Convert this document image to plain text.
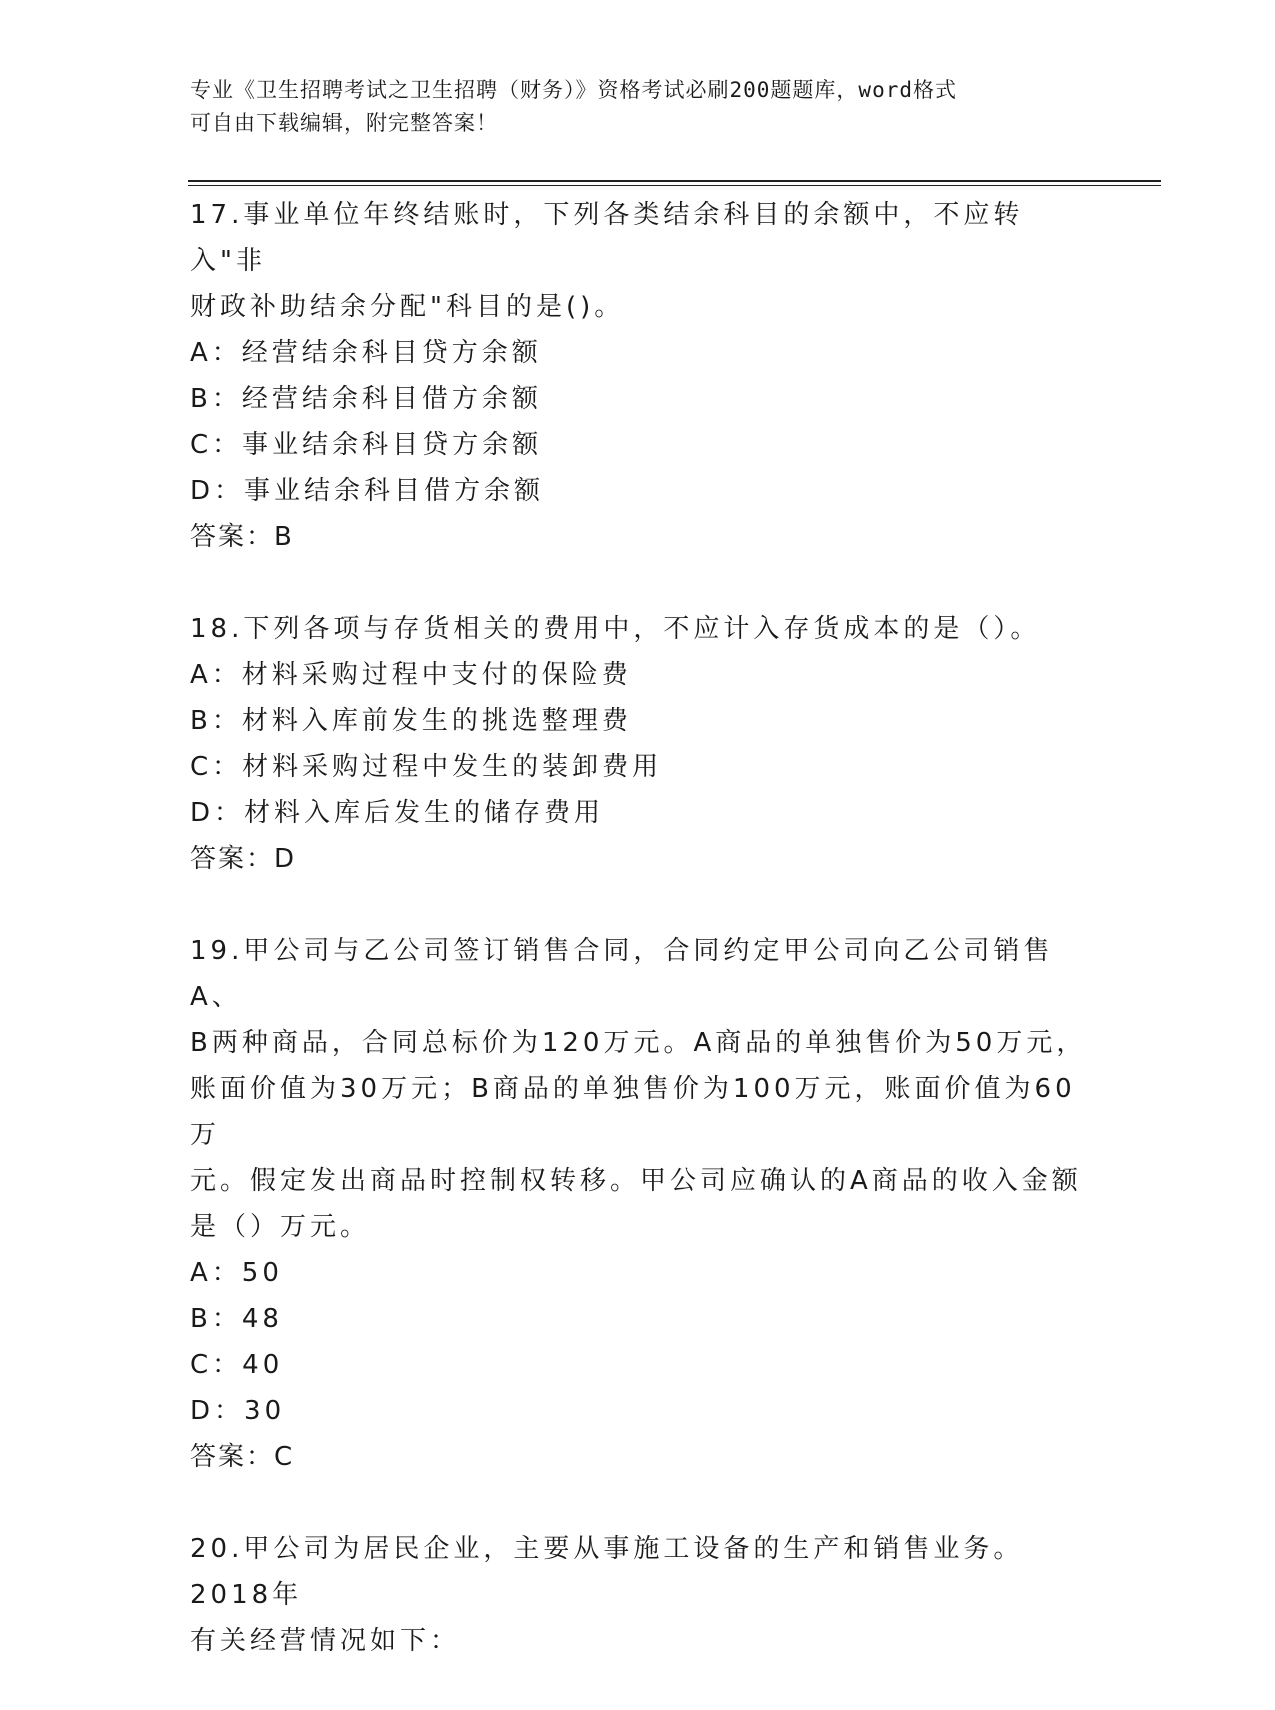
专业《卫生招聘考试之卫生招聘（财务）》资格考试必刷200题题库，word格式
可自由下载编辑，附完整答案！

17.事业单位年终结账时，下列各类结余科目的余额中，不应转入"非

财政补助结余分配"科目的是()。

A：经营结余科目贷方余额

B：经营结余科目借方余额

C：事业结余科目贷方余额

D：事业结余科目借方余额

答案：B

18.下列各项与存货相关的费用中，不应计入存货成本的是（）。

A：材料采购过程中支付的保险费

B：材料入库前发生的挑选整理费

C：材料采购过程中发生的装卸费用

D：材料入库后发生的储存费用

答案：D

19.甲公司与乙公司签订销售合同，合同约定甲公司向乙公司销售A、

B两种商品，合同总标价为120万元。A商品的单独售价为50万元，

账面价值为30万元；B商品的单独售价为100万元，账面价值为60万

元。假定发出商品时控制权转移。甲公司应确认的A商品的收入金额

是（）万元。

A：50

B：48

C：40

D：30

答案：C

20.甲公司为居民企业，主要从事施工设备的生产和销售业务。2018年

有关经营情况如下：
